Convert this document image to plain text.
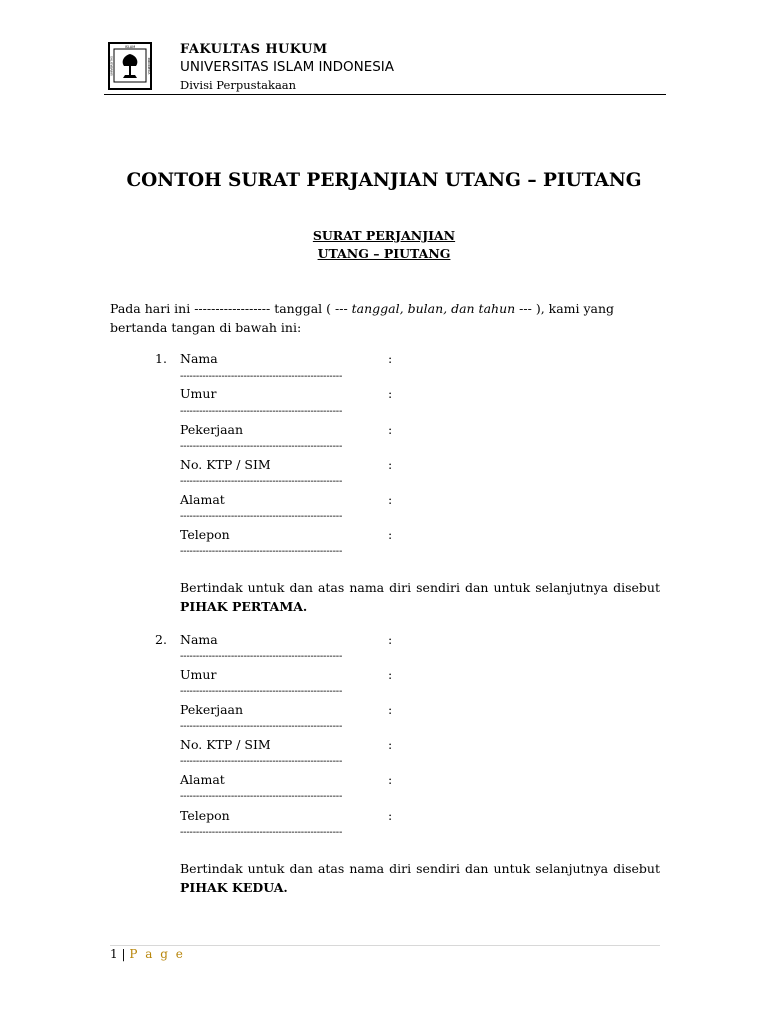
ISLAM
UNIVERSITAS	INDONESIA
FAKULTAS HUKUM
UNIVERSITAS ISLAM INDONESIA
Divisi Perpustakaan
CONTOH SURAT PERJANJIAN UTANG – PIUTANG
SURAT PERJANJIAN
UTANG – PIUTANG
Pada hari ini ------------------ tanggal ( --- tanggal, bulan, dan tahun --- ), kami yang bertanda tangan di bawah ini:
1. Nama	:
---------------------------------------------------
Umur	:
---------------------------------------------------
Pekerjaan	:
---------------------------------------------------
No. KTP / SIM	:
---------------------------------------------------
Alamat	:
---------------------------------------------------
Telepon	:
---------------------------------------------------
Bertindak untuk dan atas nama diri sendiri dan untuk selanjutnya disebut PIHAK PERTAMA.
2. Nama	:
---------------------------------------------------
Umur	:
---------------------------------------------------
Pekerjaan	:
---------------------------------------------------
No. KTP / SIM	:
---------------------------------------------------
Alamat	:
---------------------------------------------------
Telepon	:
---------------------------------------------------
Bertindak untuk dan atas nama diri sendiri dan untuk selanjutnya disebut PIHAK KEDUA.
1 | P a g e
